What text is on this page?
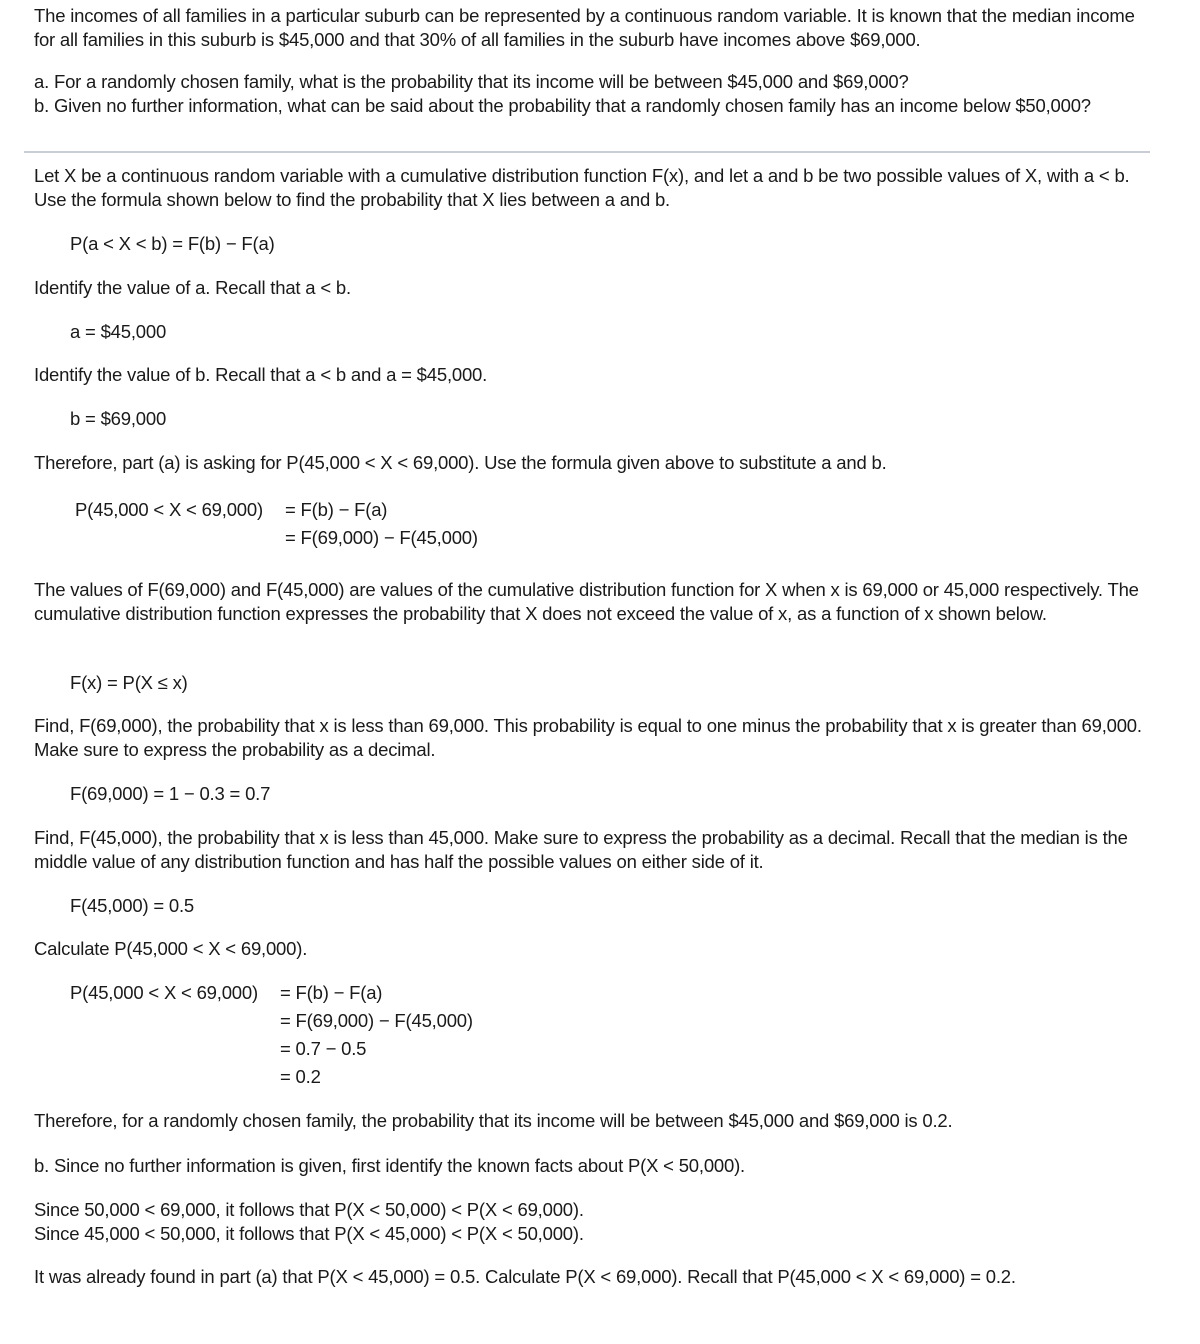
The incomes of all families in a particular suburb can be represented by a continuous random variable. It is known that the median income for all families in this suburb is $45,000 and that 30% of all families in the suburb have incomes above $69,000.
a. For a randomly chosen family, what is the probability that its income will be between $45,000 and $69,000?
b. Given no further information, what can be said about the probability that a randomly chosen family has an income below $50,000?
Let X be a continuous random variable with a cumulative distribution function F(x), and let a and b be two possible values of X, with a < b. Use the formula shown below to find the probability that X lies between a and b.
P(a < X < b) = F(b) − F(a)
Identify the value of a. Recall that a < b.
a = $45,000
Identify the value of b. Recall that a < b and a = $45,000.
b = $69,000
Therefore, part (a) is asking for P(45,000 < X < 69,000). Use the formula given above to substitute a and b.
P(45,000 < X < 69,000) = F(b) − F(a)
= F(69,000) − F(45,000)
The values of F(69,000) and F(45,000) are values of the cumulative distribution function for X when x is 69,000 or 45,000 respectively. The cumulative distribution function expresses the probability that X does not exceed the value of x, as a function of x shown below.
F(x) = P(X ≤ x)
Find, F(69,000), the probability that x is less than 69,000. This probability is equal to one minus the probability that x is greater than 69,000. Make sure to express the probability as a decimal.
F(69,000) = 1 − 0.3 = 0.7
Find, F(45,000), the probability that x is less than 45,000. Make sure to express the probability as a decimal. Recall that the median is the middle value of any distribution function and has half the possible values on either side of it.
F(45,000) = 0.5
Calculate P(45,000 < X < 69,000).
P(45,000 < X < 69,000) = F(b) − F(a)
= F(69,000) − F(45,000)
= 0.7 − 0.5
= 0.2
Therefore, for a randomly chosen family, the probability that its income will be between $45,000 and $69,000 is 0.2.
b. Since no further information is given, first identify the known facts about P(X < 50,000).
Since 50,000 < 69,000, it follows that P(X < 50,000) < P(X < 69,000).
Since 45,000 < 50,000, it follows that P(X < 45,000) < P(X < 50,000).
It was already found in part (a) that P(X < 45,000) = 0.5. Calculate P(X < 69,000). Recall that P(45,000 < X < 69,000) = 0.2.
